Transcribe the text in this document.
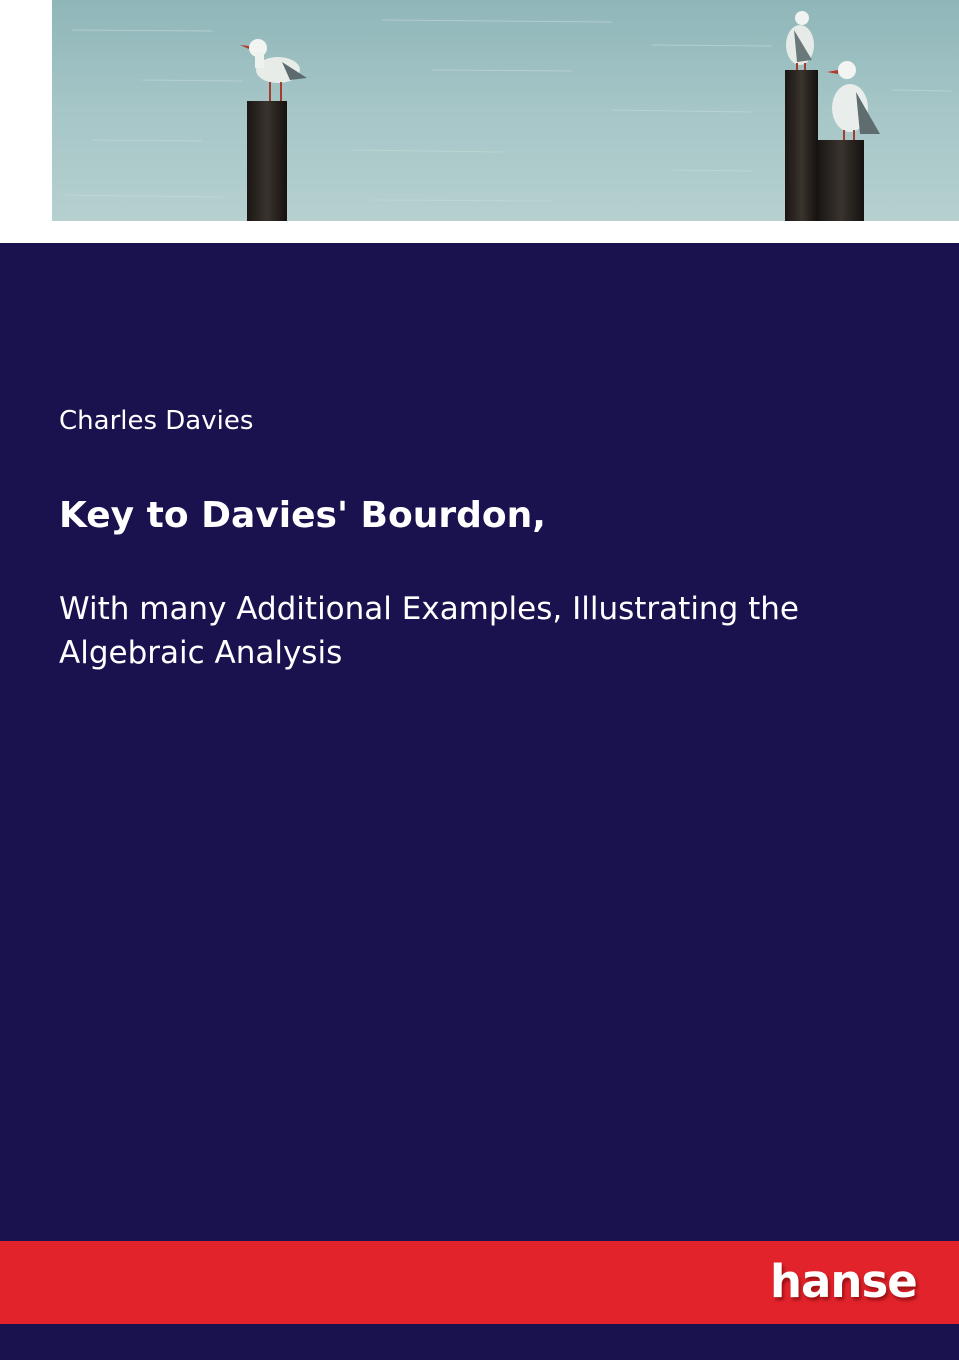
Charles Davies
Key to Davies' Bourdon,
With many Additional Examples, Illustrating the Algebraic Analysis
hanse
